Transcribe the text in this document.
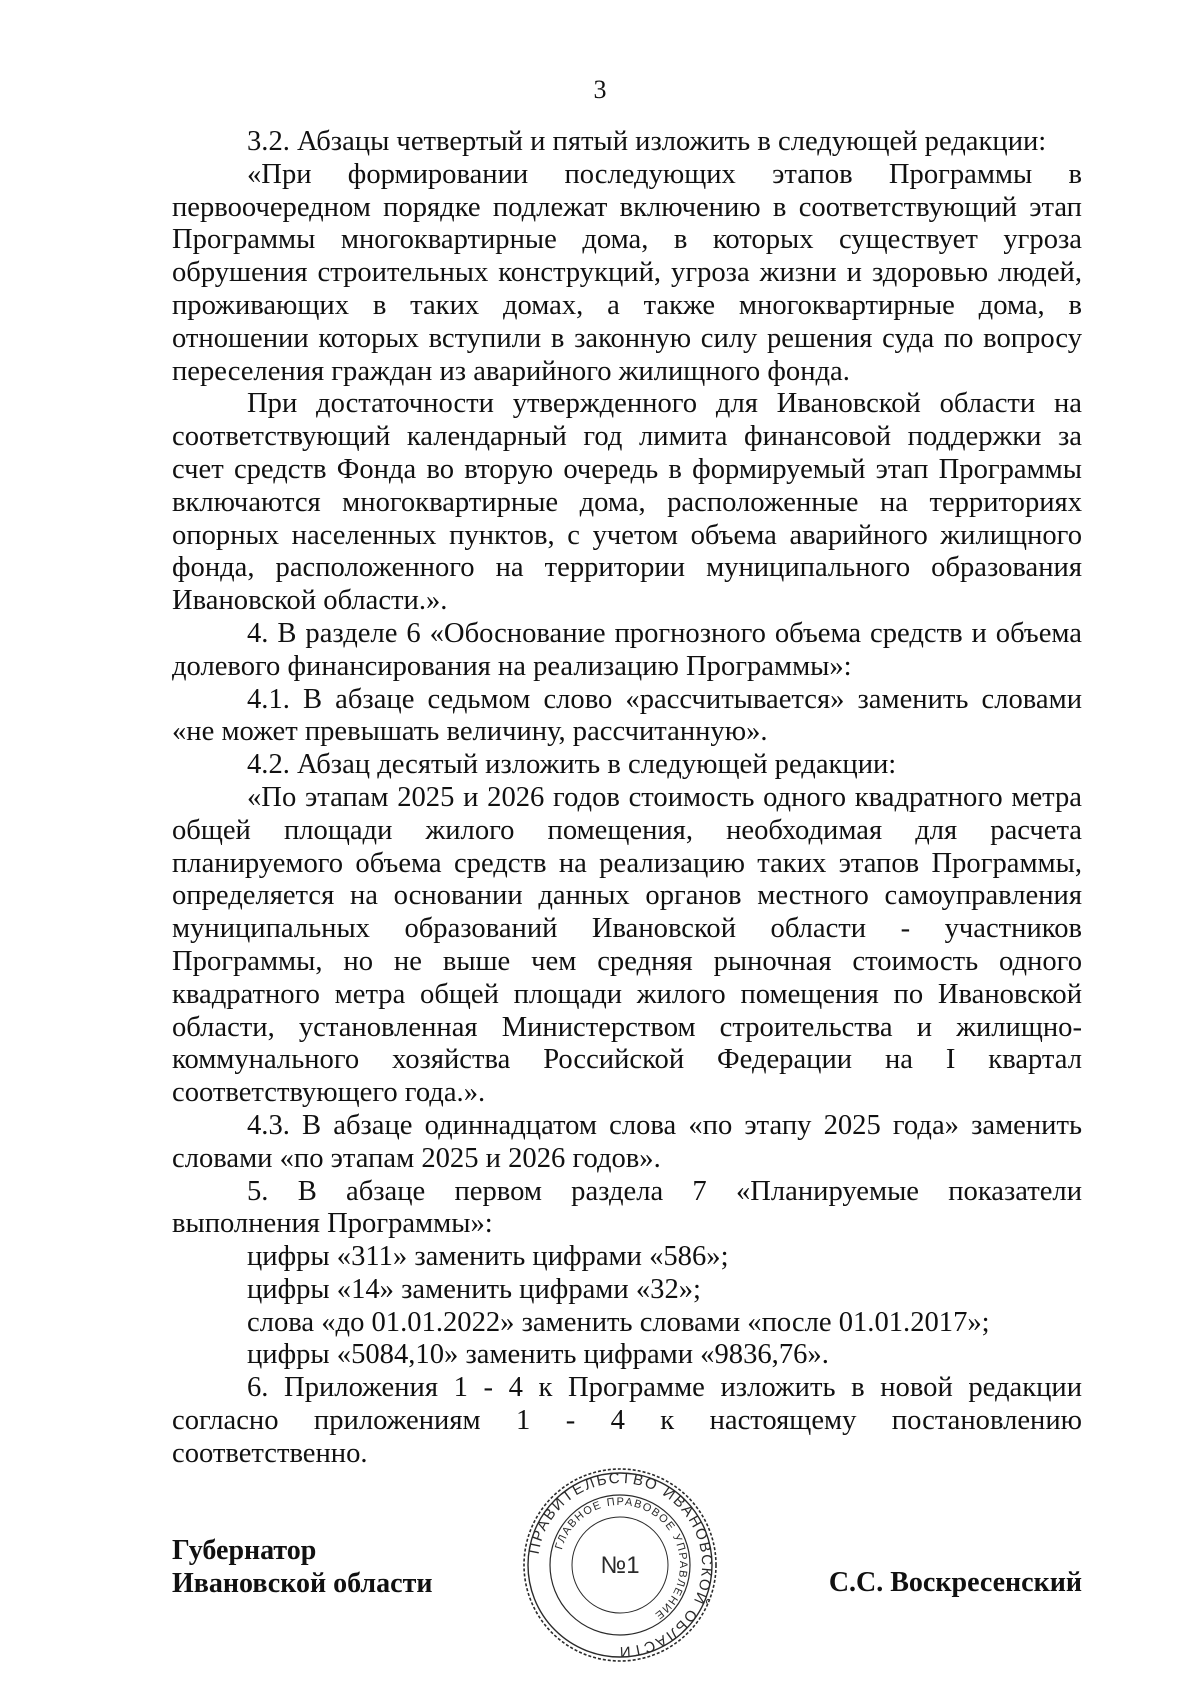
3

3.2. Абзацы четвертый и пятый изложить в следующей редакции:

«При формировании последующих этапов Программы в первоочередном порядке подлежат включению в соответствующий этап Программы многоквартирные дома, в которых существует угроза обрушения строительных конструкций, угроза жизни и здоровью людей, проживающих в таких домах, а также многоквартирные дома, в отношении которых вступили в законную силу решения суда по вопросу переселения граждан из аварийного жилищного фонда.

При достаточности утвержденного для Ивановской области на соответствующий календарный год лимита финансовой поддержки за счет средств Фонда во вторую очередь в формируемый этап Программы включаются многоквартирные дома, расположенные на территориях опорных населенных пунктов, с учетом объема аварийного жилищного фонда, расположенного на территории муниципального образования Ивановской области.».

4. В разделе 6 «Обоснование прогнозного объема средств и объема долевого финансирования на реализацию Программы»:

4.1. В абзаце седьмом слово «рассчитывается» заменить словами «не может превышать величину, рассчитанную».

4.2. Абзац десятый изложить в следующей редакции:

«По этапам 2025 и 2026 годов стоимость одного квадратного метра общей площади жилого помещения, необходимая для расчета планируемого объема средств на реализацию таких этапов Программы, определяется на основании данных органов местного самоуправления муниципальных образований Ивановской области - участников Программы, но не выше чем средняя рыночная стоимость одного квадратного метра общей площади жилого помещения по Ивановской области, установленная Министерством строительства и жилищно-коммунального хозяйства Российской Федерации на I квартал соответствующего года.».

4.3. В абзаце одиннадцатом слова «по этапу 2025 года» заменить словами «по этапам 2025 и 2026 годов».

5. В абзаце первом раздела 7 «Планируемые показатели выполнения Программы»:

цифры «311» заменить цифрами «586»;

цифры «14» заменить цифрами «32»;

слова «до 01.01.2022» заменить словами «после 01.01.2017»;

цифры «5084,10» заменить цифрами «9836,76».

6. Приложения 1 - 4 к Программе изложить в новой редакции согласно приложениям 1 - 4 к настоящему постановлению соответственно.

ПРАВИТЕЛЬСТВО ИВАНОВСКОЙ ОБЛАСТИ
ГЛАВНОЕ ПРАВОВОЕ УПРАВЛЕНИЕ
№1
Губернатор
Ивановской области	С.С. Воскресенский
